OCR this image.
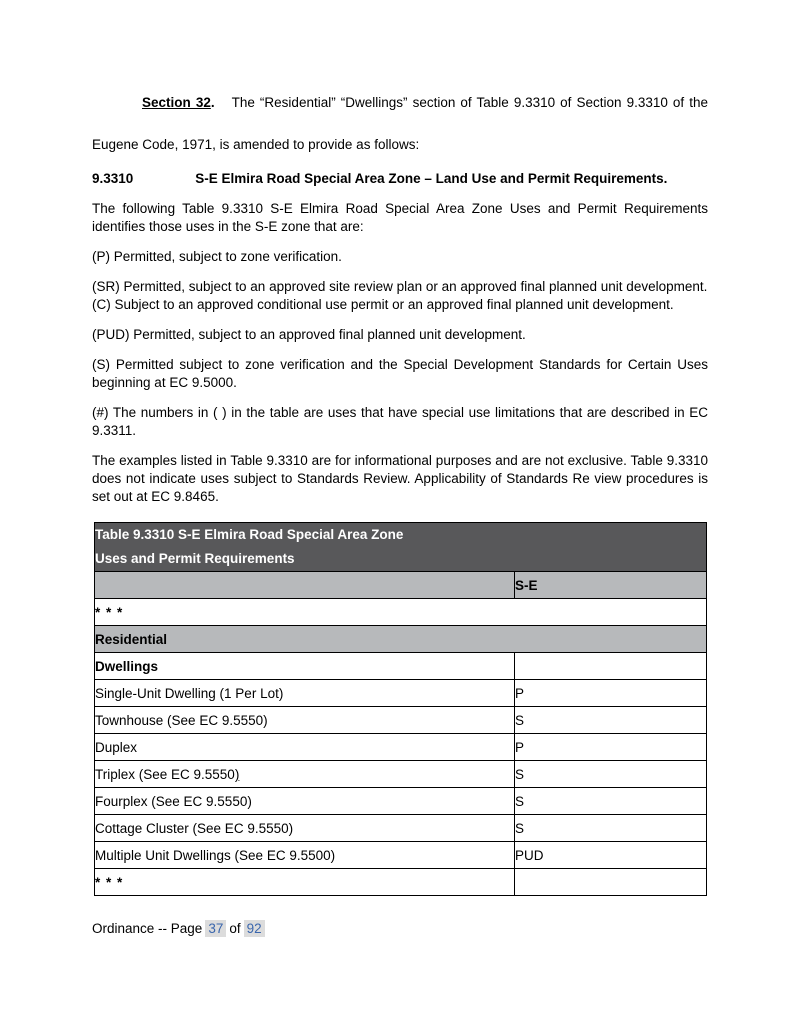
Section 32. The “Residential” “Dwellings” section of Table 9.3310 of Section 9.3310 of the Eugene Code, 1971, is amended to provide as follows:

9.3310	S-E Elmira Road Special Area Zone – Land Use and Permit Requirements.

The following Table 9.3310 S-E Elmira Road Special Area Zone Uses and Permit Requirements identifies those uses in the S-E zone that are:

(P) Permitted, subject to zone verification.

(SR) Permitted, subject to an approved site review plan or an approved final planned unit development.

(C) Subject to an approved conditional use permit or an approved final planned unit development.

(PUD) Permitted, subject to an approved final planned unit development.

(S) Permitted subject to zone verification and the Special Development Standards for Certain Uses beginning at EC 9.5000.

(#) The numbers in ( ) in the table are uses that have special use limitations that are described in EC 9.3311.

The examples listed in Table 9.3310 are for informational purposes and are not exclusive. Table 9.3310 does not indicate uses subject to Standards Review. Applicability of Standards Re view procedures is set out at EC 9.8465.

Table 9.3310 S-E Elmira Road Special Area Zone
Uses and Permit Requirements	

	S-E
* * *	
Residential	
Dwellings	
Single-Unit Dwelling (1 Per Lot)	P
Townhouse (See EC 9.5550)	S
Duplex	P
Triplex (See EC 9.5550)	S
Fourplex (See EC 9.5550)	S
Cottage Cluster (See EC 9.5550)	S
Multiple Unit Dwellings (See EC 9.5500)	PUD
* * *	
Ordinance -- Page 37 of 92
